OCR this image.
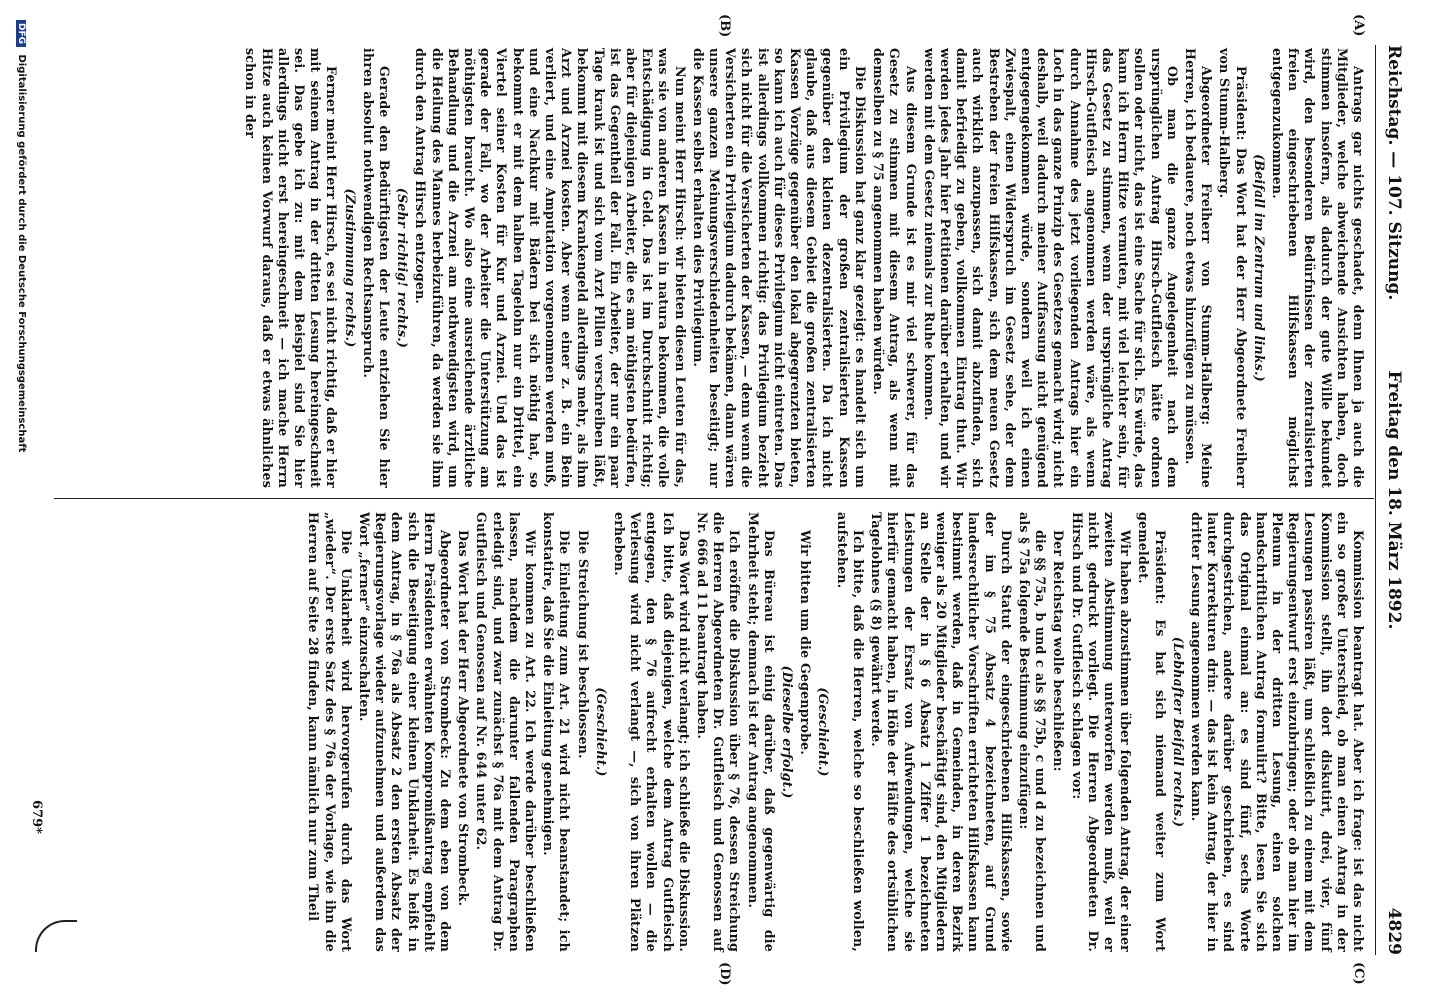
Reichstag. — 107. Sitzung.
Freitag den 18. März 1892.
4829
(A)
(B)
(C)
(D)

Antrags gar nichts geschadet, denn Ihnen ja auch die Mitglieder, welche abweichende Ansichten haben, doch stimmen insofern, als dadurch der gute Wille bekundet wird, den besonderen Bedürfnissen der zentralisierten freien eingeschriebenen Hilfskassen möglichst entgegenzukommen.

(Beifall im Zentrum und links.)

Präsident: Das Wort hat der Herr Abgeordnete Freiherr von Stumm-Halberg.

Abgeordneter Freiherr von Stumm-Halberg: Meine Herren, ich bedauere, noch etwas hinzufügen zu müssen.

Ob man die ganze Angelegenheit nach dem ursprünglichen Antrag Hirsch-Gutfleisch hätte ordnen sollen oder nicht, das ist eine Sache für sich. Es würde, das kann ich Herrn Hitze vermuten, mit viel leichter sein, für das Gesetz zu stimmen, wenn der ursprüngliche Antrag Hirsch-Gutfleisch angenommen werden wäre, als wenn durch Annahme des jetzt vorliegenden Antrags hier ein Loch in das ganze Prinzip des Gesetzes gemacht wird; nicht deshalb, weil dadurch meiner Auffassung nicht genügend entgegengekommen würde, sondern weil ich einen Zwiespalt, einen Widerspruch im Gesetz sehe, der dem Bestreben der freien Hilfskassen, sich dem neuen Gesetz auch wirklich anzupassen, sich damit abzufinden, sich damit befriedigt zu geben, vollkommen Eintrag thut. Wir werden jedes Jahr hier Petitionen darüber erhalten, und wir werden mit dem Gesetz niemals zur Ruhe kommen.

Aus diesem Grunde ist es mir viel schwerer, für das Gesetz zu stimmen mit diesem Antrag, als wenn mit demselben zu § 75 angenommen haben würden.

Die Diskussion hat ganz klar gezeigt: es handelt sich um ein Privilegium der großen zentralisierten Kassen gegenüber den kleinen dezentralisierten. Da ich nicht glaube, daß aus diesem Gebiet die großen zentralisierten Kassen Vorzüge gegenüber den lokal abgegrenzten bieten, so kann ich auch für dieses Privilegium nicht eintreten. Das ist allerdings vollkommen richtig: das Privilegium bezieht sich nicht für die Versicherten der Kassen, — denn wenn die Versicherten ein Privilegium dadurch bekämen, dann wären unsere ganzen Meinungsverschiedenheiten beseitigt; nur die Kassen selbst erhalten dies Privilegium.

Nun meint Herr Hirsch: wir bieten diesen Leuten für das, was sie von anderen Kassen in natura bekommen, die volle Entschädigung in Geld. Das ist im Durchschnitt richtig; aber für diejenigen Arbeiter, die es am nöthigsten bedürfen, ist das Gegentheil der Fall. Ein Arbeiter, der nur ein paar Tage krank ist und sich vom Arzt Pillen verschreiben läßt, bekommt mit diesem Krankengeld allerdings mehr, als ihm Arzt und Arznei kosten. Aber wenn einer z. B. ein Bein verliert, und eine Amputation vorgenommen werden muß, und eine Nachkur mit Bädern bei sich nöthig hat, so bekommt er mit dem halben Tagelohn nur ein Drittel, ein Viertel seiner Kosten für Kur und Arznei. Und das ist gerade der Fall, wo der Arbeiter die Unterstützung am nöthigsten braucht. Wo also eine ausreichende ärztliche Behandlung und die Arznei am nothwendigsten wird, um die Heilung des Mannes herbeizuführen, da werden sie ihm durch den Antrag Hirsch entzogen.

(Sehr richtig! rechts.)

Gerade den Bedürftigsten der Leute entziehen Sie hier ihren absolut nothwendigen Rechtsanspruch.

(Zustimmung rechts.)

Ferner meint Herr Hirsch, es sei nicht richtig, daß er hier mit seinem Antrag in der dritten Lesung hereingeschneit sei. Das gebe ich zu: mit dem Beispiel sind Sie hier allerdings nicht erst hereingeschneit — ich mache Herrn Hitze auch keinen Vorwurf daraus, daß er etwas ähnliches schon in der

Kommission beantragt hat. Aber ich frage: ist das nicht ein so großer Unterschied, ob man einen Antrag in der Kommission stellt, ihn dort diskutirt, drei, vier, fünf Lesungen passiren läßt, um schließlich zu einem mit dem Regierungsentwurf erst einzubringen; oder ob man hier im Plenum in der dritten Lesung, einen solchen handschriftlichen Antrag formulirt? Bitte, lesen Sie sich das Original einmal an: es sind fünf, sechs Worte durchgestrichen, andere darüber geschrieben, es sind lauter Korrekturen drin: — das ist kein Antrag, der hier in dritter Lesung angenommen werden kann.

(Lebhafter Beifall rechts.)

Präsident: Es hat sich niemand weiter zum Wort gemeldet.

Wir haben abzustimmen über folgenden Antrag, der einer zweiten Abstimmung unterworfen werden muß, weil er nicht gedruckt vorliegt. Die Herren Abgeordneten Dr. Hirsch und Dr. Gutfleisch schlagen vor:

Der Reichstag wolle beschließen:

die §§ 75a, b und c als §§ 75b, c und d zu bezeichnen und als § 75a folgende Bestimmung einzufügen:

Durch Statut der eingeschriebenen Hilfskassen, sowie der im § 75 Absatz 4 bezeichneten, auf Grund landesrechtlicher Vorschriften errichteten Hilfskassen kann bestimmt werden, daß in Gemeinden, in deren Bezirk weniger als 20 Mitglieder beschäftigt sind, den Mitgliedern an Stelle der in § 6 Absatz 1 Ziffer 1 bezeichneten Leistungen der Ersatz von Aufwendungen, welche sie hierfür gemacht haben, in Höhe der Hälfte des ortsüblichen Tagelohnes (§ 8) gewährt werde.

Ich bitte, daß die Herren, welche so beschließen wollen, aufstehen.

(Geschieht.)

Wir bitten um die Gegenprobe.

(Dieselbe erfolgt.)

Das Büreau ist einig darüber, daß gegenwärtig die Mehrheit steht; demnach ist der Antrag angenommen.

Ich eröffne die Diskussion über § 76, dessen Streichung die Herren Abgeordneten Dr. Gutfleisch und Genossen auf Nr. 666 ad 11 beantragt haben.

Das Wort wird nicht verlangt; ich schließe die Diskussion. Ich bitte, daß diejenigen, welche dem Antrag Gutfleisch entgegen, den § 76 aufrecht erhalten wollen — die Verlesung wird nicht verlangt —, sich von ihren Plätzen erheben.

(Geschieht.)

Die Streichung ist beschlossen.

Die Einleitung zum Art. 21 wird nicht beanstandet; ich konstatire, daß Sie die Einleitung genehmigen.

Wir kommen zu Art. 22. Ich werde darüber beschließen lassen, nachdem die darunter fallenden Paragraphen erledigt sind, und zwar zunächst § 76a mit dem Antrag Dr. Gutfleisch und Genossen auf Nr. 644 unter 62.

Das Wort hat der Herr Abgeordnete von Strombeck.

Abgeordneter von Strombeck: Zu dem eben von dem Herrn Präsidenten erwähnten Kompromißantrag empfiehlt sich die Beseitigung einer kleinen Unklarheit. Es heißt in dem Antrag, in § 76a als Absatz 2 den ersten Absatz der Regierungsvorlage wieder aufzunehmen und außerdem das Wort „ferner“ einzuschalten.

Die Unklarheit wird hervorgerufen durch das Wort „wieder“. Der erste Satz des § 76a der Vorlage, wie ihn die Herren auf Seite 28 finden, kann nämlich nur zum Theil

679*
DFG Digitalisierung gefördert durch die Deutsche Forschungsgemeinschaft
